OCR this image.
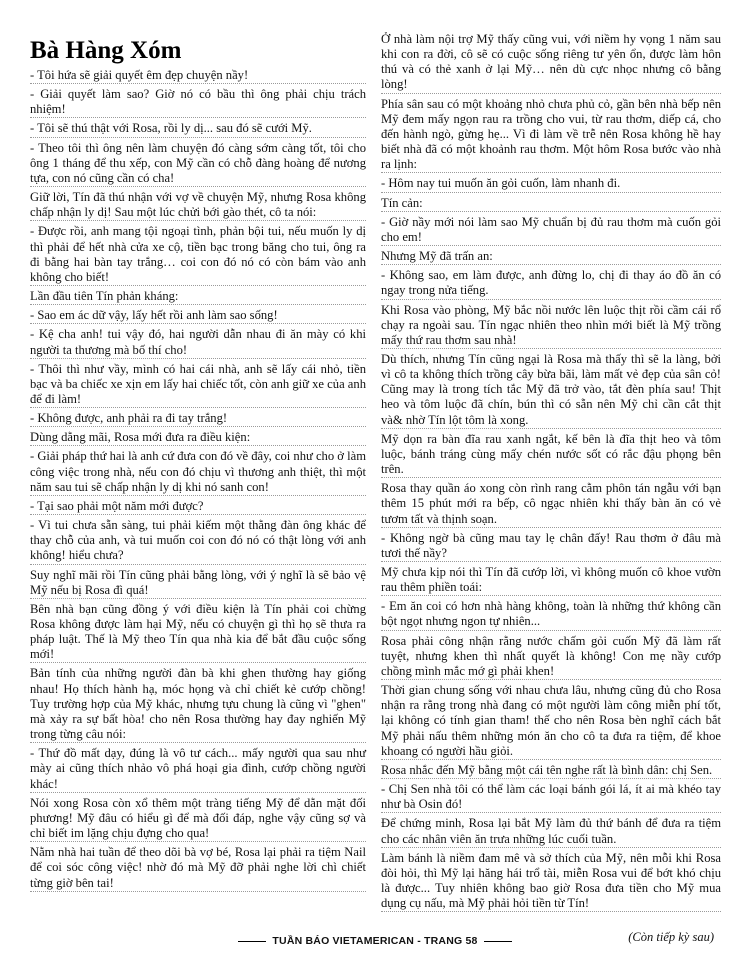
Bà Hàng Xóm

- Tôi hứa sẽ giải quyết êm đẹp chuyện nầy!

- Giải quyết làm sao? Giờ nó có bầu thì ông phải chịu trách nhiệm!

- Tôi sẽ thú thật với Rosa, rồi ly dị... sau đó sẽ cưới Mỹ.

- Theo tôi thì ông nên làm chuyện đó càng sớm càng tốt, tôi cho ông 1 tháng để thu xếp, con Mỹ cần có chỗ đàng hoàng để nương tựa, con nó cũng cần có cha!

Giữ lời, Tín đã thú nhận với vợ về chuyện Mỹ, nhưng Rosa không chấp nhận ly dị! Sau một lúc chửi bới gào thét, cô ta nói:

- Được rồi, anh mang tội ngoại tình, phản bội tui, nếu muốn ly dị thì phải để hết nhà cửa xe cộ, tiền bạc trong băng cho tui, ông ra đi bằng hai bàn tay trắng… coi con đó nó có còn bám vào anh không cho biết!

Lần đầu tiên Tín phản kháng:

- Sao em ác dữ vậy, lấy hết rồi anh làm sao sống!

- Kệ cha anh! tui vậy đó, hai người dẫn nhau đi ăn mày có khi người ta thương mà bố thí cho!

- Thôi thì như vầy, mình có hai cái nhà, anh sẽ lấy cái nhỏ, tiền bạc và ba chiếc xe xịn em lấy hai chiếc tốt, còn anh giữ xe của anh để đi làm!

- Không được, anh phải ra đi tay trắng!

Dùng dằng mãi, Rosa mới đưa ra điều kiện:

- Giải pháp thứ hai là anh cứ đưa con đó về đây, coi như cho ở làm công việc trong nhà, nếu con đó chịu vì thương anh thiệt, thì một năm sau tui sẽ chấp nhận ly dị khi nó sanh con!

- Tại sao phải một năm mới được?

- Vì tui chưa sẵn sàng, tui phải kiếm một thằng đàn ông khác để thay chỗ của anh, và tui muốn coi con đó nó có thật lòng với anh không! hiểu chưa?

Suy nghĩ mãi rồi Tín cũng phải bằng lòng, với ý nghĩ là sẽ bảo vệ Mỹ nếu bị Rosa đì quá!

Bên nhà bạn cũng đồng ý với điều kiện là Tín phải coi chừng Rosa không được làm hại Mỹ, nếu có chuyện gì thì họ sẽ thưa ra pháp luật. Thế là Mỹ theo Tín qua nhà kia để bắt đầu cuộc sống mới!

Bản tính của những người đàn bà khi ghen thường hay giống nhau! Họ thích hành hạ, móc họng và chỉ chiết kẻ cướp chồng! Tuy trường hợp của Mỹ khác, nhưng tựu chung là cũng vì "ghen" mà xảy ra sự bất hòa! cho nên Rosa thường hay đay nghiến Mỹ trong từng câu nói:

- Thứ đồ mất dạy, đúng là vô tư cách... mấy người qua sau như mày ai cũng thích nhảo vô phá hoại gia đình, cướp chồng người khác!

Nói xong Rosa còn xổ thêm một tràng tiếng Mỹ để dằn mặt đối phương! Mỹ đâu có hiểu gì để mà đối đáp, nghe vậy cũng sợ và chỉ biết im lặng chịu đựng cho qua!

Nằm nhà hai tuần để theo dõi bà vợ bé, Rosa lại phải ra tiệm Nail để coi sóc công việc! nhờ đó mà Mỹ đỡ phải nghe lời chì chiết từng giờ bên tai!

Ở nhà làm nội trợ Mỹ thấy cũng vui, với niềm hy vọng 1 năm sau khi con ra đời, cô sẽ có cuộc sống riêng tư yên ổn, được làm hôn thú và có thẻ xanh ở lại Mỹ… nên dù cực nhọc nhưng cô bằng lòng!

Phía sân sau có một khoảng nhỏ chưa phủ cỏ, gần bên nhà bếp nên Mỹ đem mấy ngọn rau ra trồng cho vui, từ rau thơm, diếp cá, cho đến hành ngò, gừng hẹ... Vì đi làm về trễ nên Rosa không hề hay biết nhà đã có một khoảnh rau thơm. Một hôm Rosa bước vào nhà ra lịnh:

- Hôm nay tui muốn ăn gỏi cuốn, làm nhanh đi.

Tín cản:

- Giờ nầy mới nói làm sao Mỹ chuẩn bị đủ rau thơm mà cuốn gỏi cho em!

Nhưng Mỹ đã trấn an:

- Không sao, em làm được, anh đừng lo, chị đi thay áo đồ ăn có ngay trong nửa tiếng.

Khi Rosa vào phòng, Mỹ bắc nồi nước lên luộc thịt rồi cầm cái rổ chạy ra ngoài sau. Tín ngạc nhiên theo nhìn mới biết là Mỹ trồng mấy thứ rau thơm sau nhà!

Dù thích, nhưng Tín cũng ngại là Rosa mà thấy thì sẽ la làng, bởi vì cô ta không thích trồng cây bừa bãi, làm mất vẻ đẹp của sân cỏ! Cũng may là trong tích tắc Mỹ đã trở vào, tắt đèn phía sau! Thịt heo và tôm luộc đã chín, bún thì có sẵn nên Mỹ chỉ cần cắt thịt và& nhờ Tín lột tôm là xong.

Mỹ dọn ra bàn đĩa rau xanh ngắt, kế bên là đĩa thịt heo và tôm luộc, bánh tráng cùng mấy chén nước sốt có rắc đậu phọng bên trên.

Rosa thay quần áo xong còn rình rang cằm phôn tán ngẫu với bạn thêm 15 phút mới ra bếp, cô ngạc nhiên khi thấy bàn ăn có vẻ tươm tất và thịnh soạn.

- Không ngờ bà cũng mau tay lẹ chân đấy! Rau thơm ở đâu mà tươi thế nầy?

Mỹ chưa kịp nói thì Tín đã cướp lời, vì không muốn cô khoe vườn rau thêm phiền toái:

- Em ăn coi có hơn nhà hàng không, toàn là những thứ không cần bột ngọt nhưng ngon tự nhiên...

Rosa phải công nhận rằng nước chấm gỏi cuốn Mỹ đã làm rất tuyệt, nhưng khen thì nhất quyết là không! Con mẹ nầy cướp chồng mình mắc mớ gì phải khen!

Thời gian chung sống với nhau chưa lâu, nhưng cũng đủ cho Rosa nhận ra rằng trong nhà đang có một người làm công miễn phí tốt, lại không có tính gian tham! thế cho nên Rosa bèn nghĩ cách bắt Mỹ phải nấu thêm những món ăn cho cô ta đưa ra tiệm, để khoe khoang có người hầu giỏi.

Rosa nhắc đến Mỹ bằng một cái tên nghe rất là bình dân: chị Sen.

- Chị Sen nhà tôi có thể làm các loại bánh gói lá, ít ai mà khéo tay như bà Osin đó!

Để chứng minh, Rosa lại bắt Mỹ làm đủ thứ bánh để đưa ra tiệm cho các nhân viên ăn trưa những lúc cuối tuần.

Làm bánh là niềm đam mê và sở thích của Mỹ, nên mỗi khi Rosa đòi hỏi, thì Mỹ lại hăng hái trổ tài, miễn Rosa vui để bớt khó chịu là được... Tuy nhiên không bao giờ Rosa đưa tiền cho Mỹ mua dụng cụ nấu, mà Mỹ phải hỏi tiền từ Tín!

TUẦN BÁO VIETAMERICAN - TRANG 58	(Còn tiếp kỳ sau)
